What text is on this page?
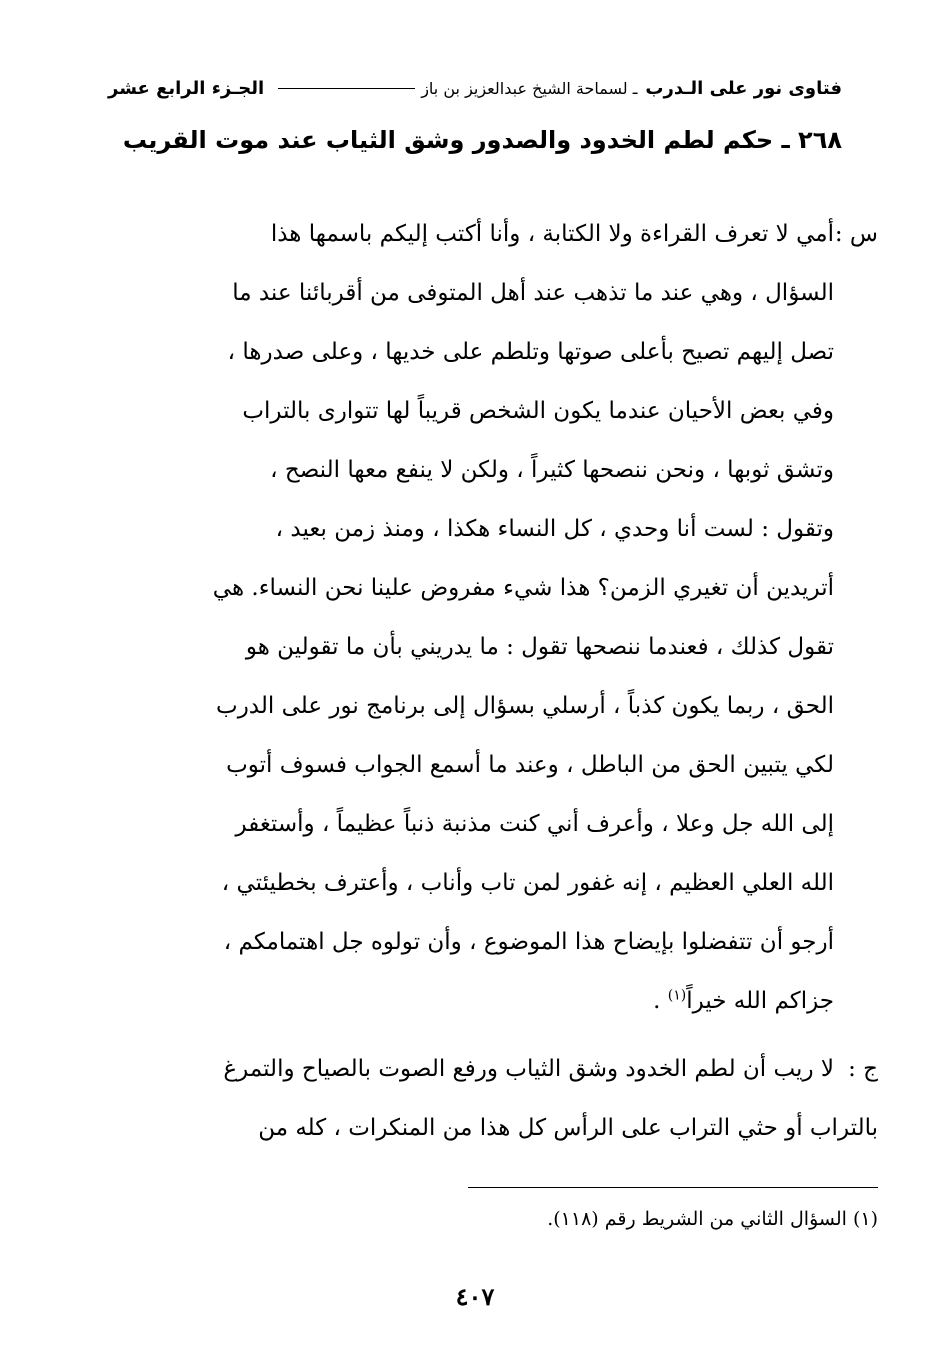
فتاوى نور على الـدرب
ـ لسماحة الشيخ عبدالعزيز بن باز
الجـزء الرابع عشر
٢٦٨ ـ حكم لطم الخدود والصدور وشق الثياب عند موت القريب
س :أمي لا تعرف القراءة ولا الكتابة ، وأنا أكتب إليكم باسمها هذا
السؤال ، وهي عند ما تذهب عند أهل المتوفى من أقربائنا عند ما
تصل إليهم تصيح بأعلى صوتها وتلطم على خديها ، وعلى صدرها ،
وفي بعض الأحيان عندما يكون الشخص قريباً لها تتوارى بالتراب
وتشق ثوبها ، ونحن ننصحها كثيراً ، ولكن لا ينفع معها النصح ،
وتقول : لست أنا وحدي ، كل النساء هكذا ، ومنذ زمن بعيد ،
أتريدين أن تغيري الزمن؟ هذا شيء مفروض علينا نحن النساء. هي
تقول كذلك ، فعندما ننصحها تقول : ما يدريني بأن ما تقولين هو
الحق ، ربما يكون كذباً ، أرسلي بسؤال إلى برنامج نور على الدرب
لكي يتبين الحق من الباطل ، وعند ما أسمع الجواب فسوف أتوب
إلى الله جل وعلا ، وأعرف أني كنت مذنبة ذنباً عظيماً ، وأستغفر
الله العلي العظيم ، إنه غفور لمن تاب وأناب ، وأعترف بخطيئتي ،
أرجو أن تتفضلوا بإيضاح هذا الموضوع ، وأن تولوه جل اهتمامكم ،
جزاكم الله خيراً$^{(١)}$ .
ج :لا ريب أن لطم الخدود وشق الثياب ورفع الصوت بالصياح والتمرغ
بالتراب أو حثي التراب على الرأس كل هذا من المنكرات ، كله من
(١) السؤال الثاني من الشريط رقم (١١٨).
٤٠٧
